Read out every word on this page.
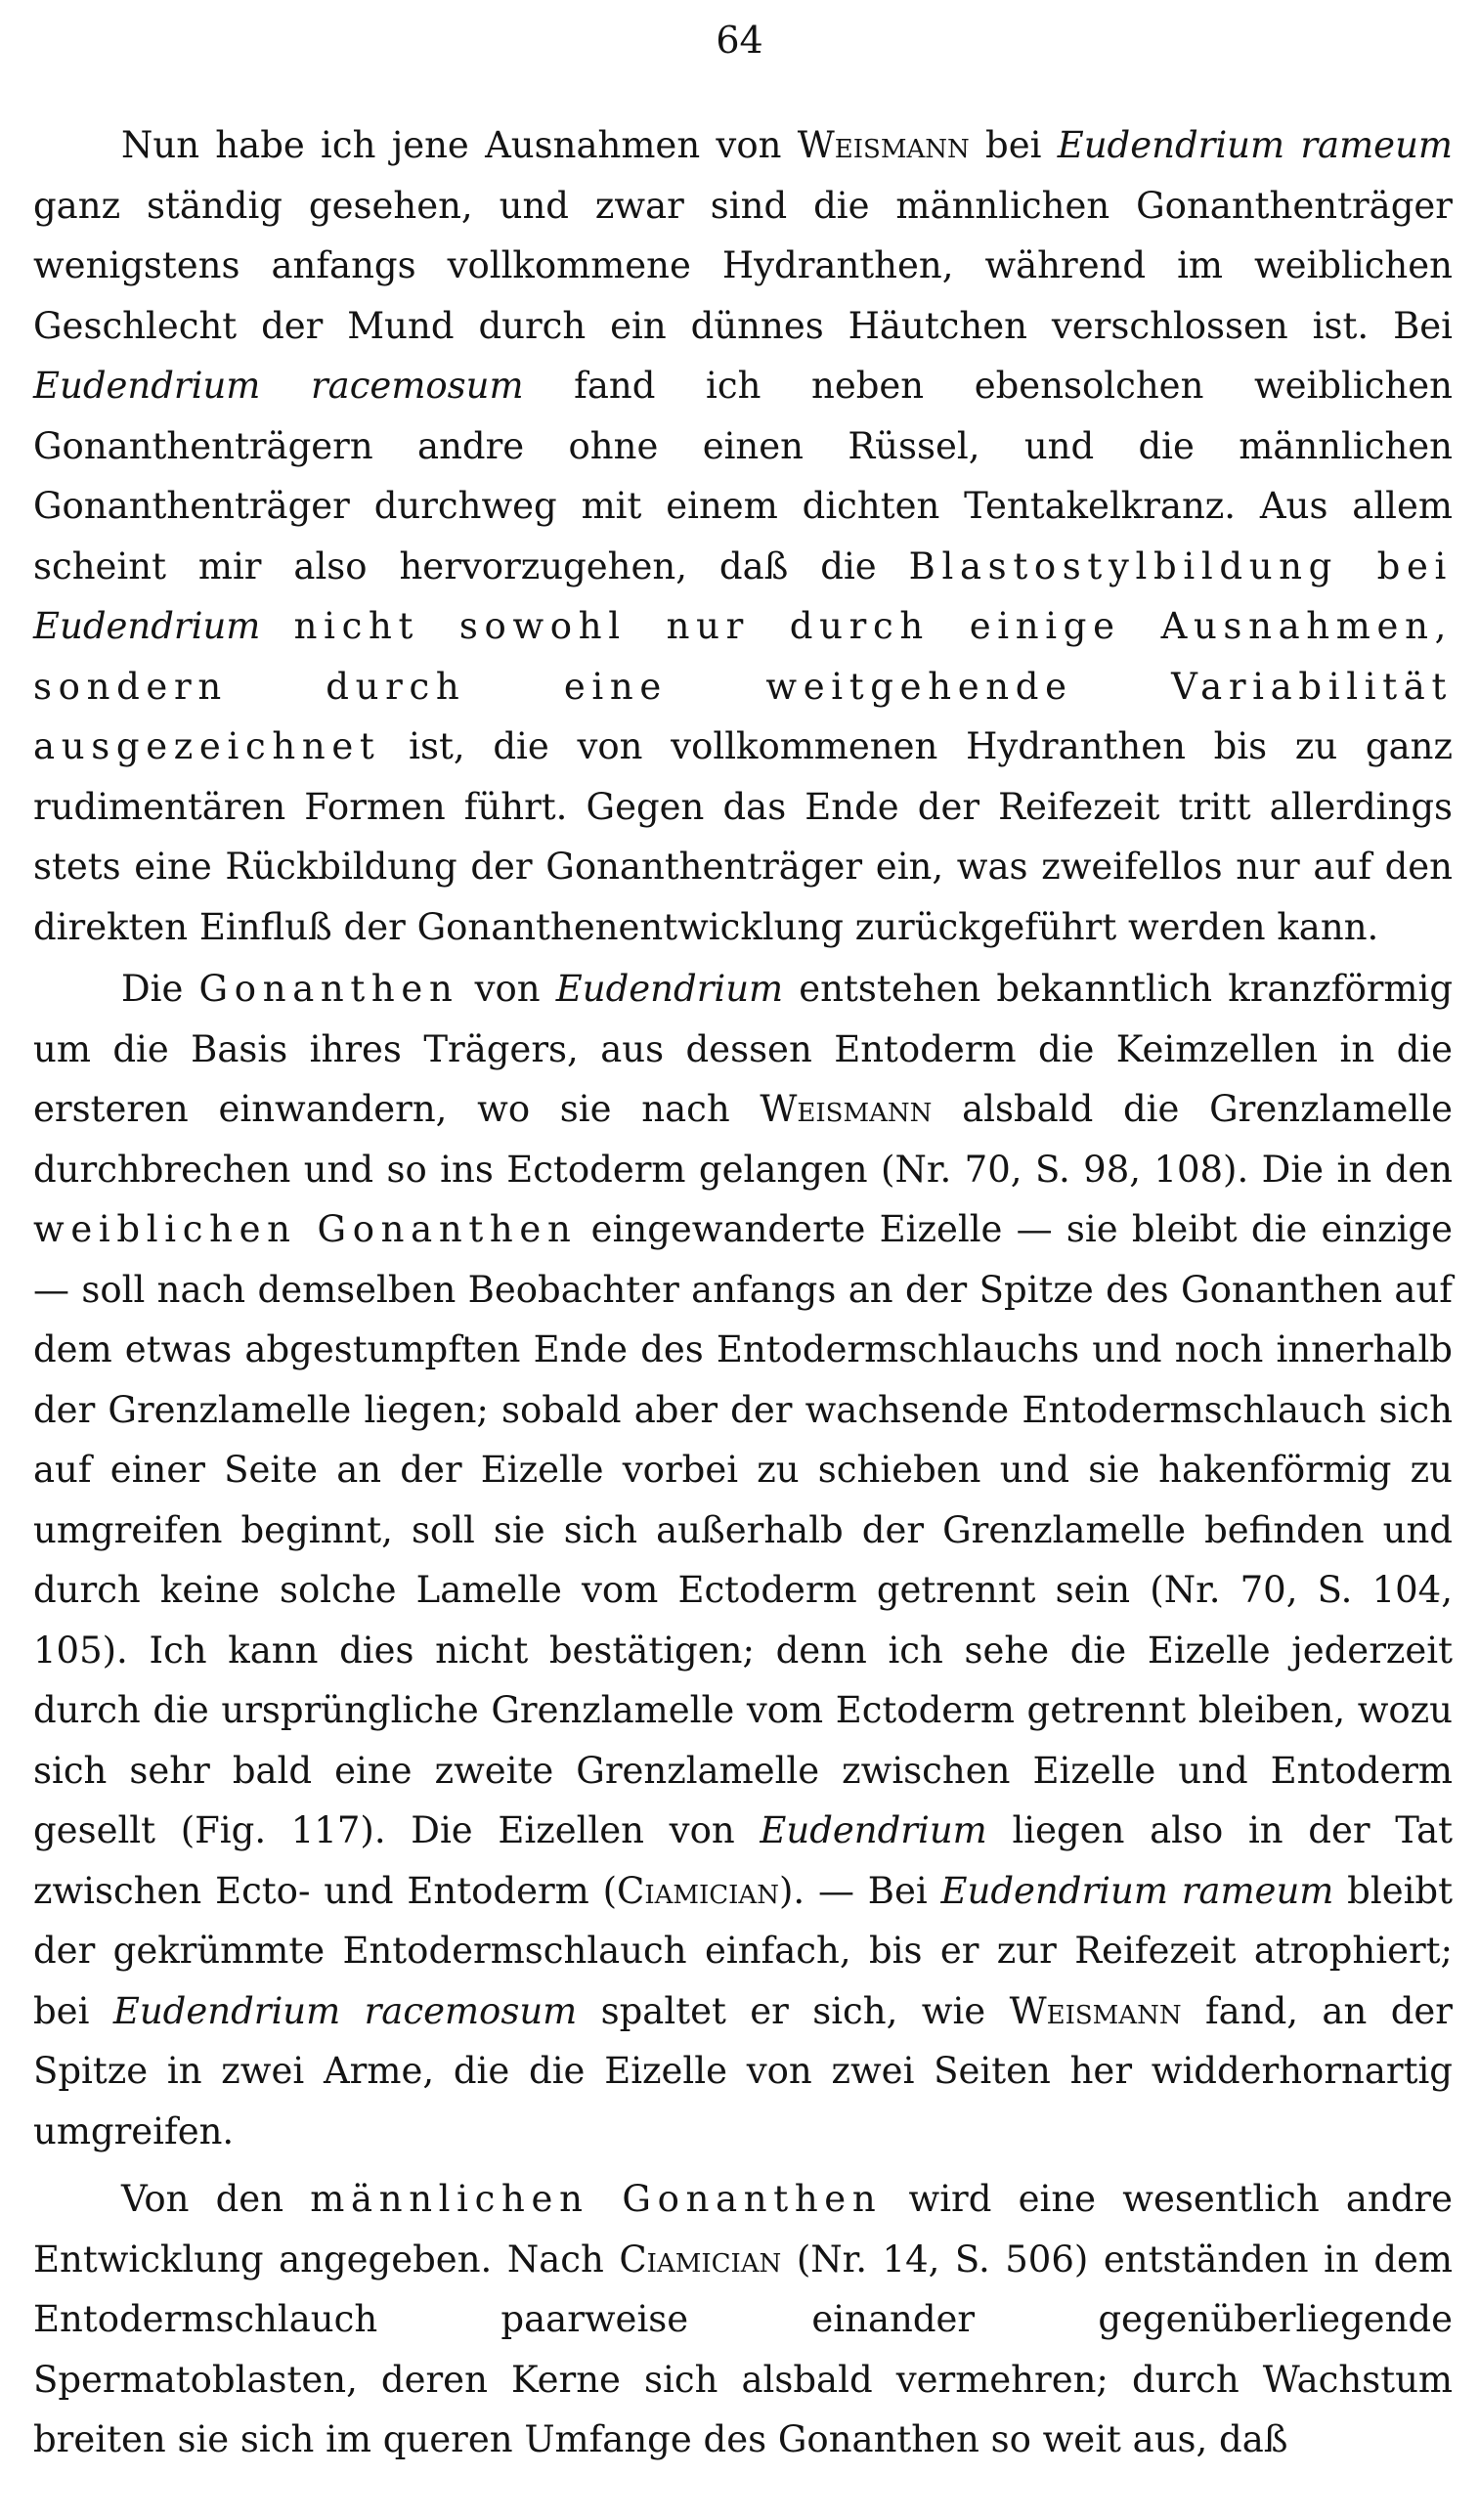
64

Nun habe ich jene Ausnahmen von Weismann bei Eudendrium rameum ganz ständig gesehen, und zwar sind die männlichen Gonanthenträger wenigstens anfangs vollkommene Hydranthen, während im weiblichen Geschlecht der Mund durch ein dünnes Häutchen verschlossen ist. Bei Eudendrium racemosum fand ich neben ebensolchen weiblichen Gonanthenträgern andre ohne einen Rüssel, und die männlichen Gonanthenträger durchweg mit einem dichten Tentakelkranz. Aus allem scheint mir also hervorzugehen, daß die Blastostylbildung bei Eudendrium nicht sowohl nur durch einige Ausnahmen, sondern durch eine weitgehende Variabilität ausgezeichnet ist, die von vollkommenen Hydranthen bis zu ganz rudimentären Formen führt. Gegen das Ende der Reifezeit tritt allerdings stets eine Rückbildung der Gonanthenträger ein, was zweifellos nur auf den direkten Einfluß der Gonanthenentwicklung zurückgeführt werden kann.

Die Gonanthen von Eudendrium entstehen bekanntlich kranzförmig um die Basis ihres Trägers, aus dessen Entoderm die Keimzellen in die ersteren einwandern, wo sie nach Weismann alsbald die Grenzlamelle durchbrechen und so ins Ectoderm gelangen (Nr. 70, S. 98, 108). Die in den weiblichen Gonanthen eingewanderte Eizelle — sie bleibt die einzige — soll nach demselben Beobachter anfangs an der Spitze des Gonanthen auf dem etwas abgestumpften Ende des Entodermschlauchs und noch innerhalb der Grenzlamelle liegen; sobald aber der wachsende Entodermschlauch sich auf einer Seite an der Eizelle vorbei zu schieben und sie hakenförmig zu umgreifen beginnt, soll sie sich außerhalb der Grenzlamelle befinden und durch keine solche Lamelle vom Ectoderm getrennt sein (Nr. 70, S. 104, 105). Ich kann dies nicht bestätigen; denn ich sehe die Eizelle jederzeit durch die ursprüngliche Grenzlamelle vom Ectoderm getrennt bleiben, wozu sich sehr bald eine zweite Grenzlamelle zwischen Eizelle und Entoderm gesellt (Fig. 117). Die Eizellen von Eudendrium liegen also in der Tat zwischen Ecto- und Entoderm (Ciamician). — Bei Eudendrium rameum bleibt der gekrümmte Entodermschlauch einfach, bis er zur Reifezeit atrophiert; bei Eudendrium racemosum spaltet er sich, wie Weismann fand, an der Spitze in zwei Arme, die die Eizelle von zwei Seiten her widderhornartig umgreifen.

Von den männlichen Gonanthen wird eine wesentlich andre Entwicklung angegeben. Nach Ciamician (Nr. 14, S. 506) entständen in dem Entodermschlauch paarweise einander gegenüberliegende Spermatoblasten, deren Kerne sich alsbald vermehren; durch Wachstum breiten sie sich im queren Umfange des Gonanthen so weit aus, daß
